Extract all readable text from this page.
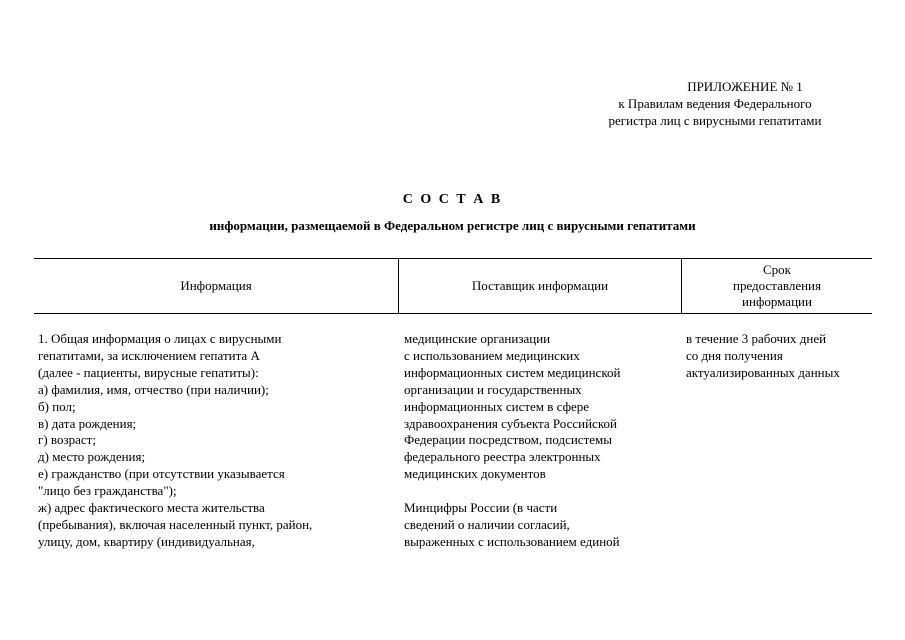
ПРИЛОЖЕНИЕ № 1
к Правилам ведения Федерального
регистра лиц с вирусными гепатитами
С О С Т А В
информации, размещаемой в Федеральном регистре лиц с вирусными гепатитами
Информация	Поставщик информации
Срок
предоставления
информации
1. Общая информация о лицах с вирусными
гепатитами, за исключением гепатита А
(далее - пациенты, вирусные гепатиты):
а) фамилия, имя, отчество (при наличии);
б) пол;
в) дата рождения;
г) возраст;
д) место рождения;
е) гражданство (при отсутствии указывается
"лицо без гражданства");
ж) адрес фактического места жительства
(пребывания), включая населенный пункт, район,
улицу, дом, квартиру (индивидуальная,
медицинские организации
с использованием медицинских
информационных систем медицинской
организации и государственных
информационных систем в сфере
здравоохранения субъекта Российской
Федерации посредством, подсистемы
федерального реестра электронных
медицинских документов
Минцифры России (в части
сведений о наличии согласий,
выраженных с использованием единой
в течение 3 рабочих дней
со дня получения
актуализированных данных
